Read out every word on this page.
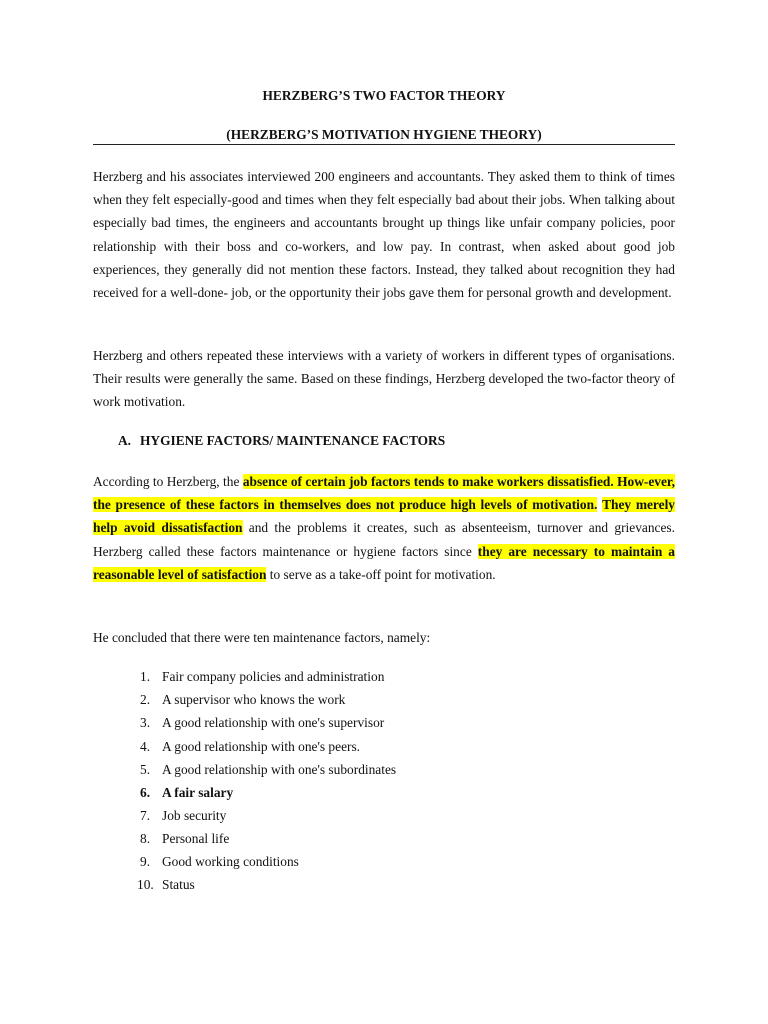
HERZBERG’S TWO FACTOR THEORY
(HERZBERG’S MOTIVATION HYGIENE THEORY)

Herzberg and his associates interviewed 200 engineers and accountants. They asked them to think of times when they felt especially-good and times when they felt especially bad about their jobs. When talking about especially bad times, the engineers and accountants brought up things like unfair company policies, poor relationship with their boss and co-workers, and low pay. In contrast, when asked about good job experiences, they generally did not mention these factors. Instead, they talked about recognition they had received for a well-done- job, or the opportunity their jobs gave them for personal growth and development.

Herzberg and others repeated these interviews with a variety of workers in different types of organisations. Their results were generally the same. Based on these findings, Herzberg developed the two-factor theory of work motivation.

A. HYGIENE FACTORS/ MAINTENANCE FACTORS

According to Herzberg, the absence of certain job factors tends to make workers dissatisfied. How-ever, the presence of these factors in themselves does not produce high levels of motivation. They merely help avoid dissatisfaction and the problems it creates, such as absenteeism, turnover and grievances. Herzberg called these factors maintenance or hygiene factors since they are necessary to maintain a reasonable level of satisfaction to serve as a take-off point for motivation.

He concluded that there were ten maintenance factors, namely:

1. Fair company policies and administration
2. A supervisor who knows the work
3. A good relationship with one's supervisor
4. A good relationship with one's peers.
5. A good relationship with one's subordinates
6. A fair salary
7. Job security
8. Personal life
9. Good working conditions
10. Status
